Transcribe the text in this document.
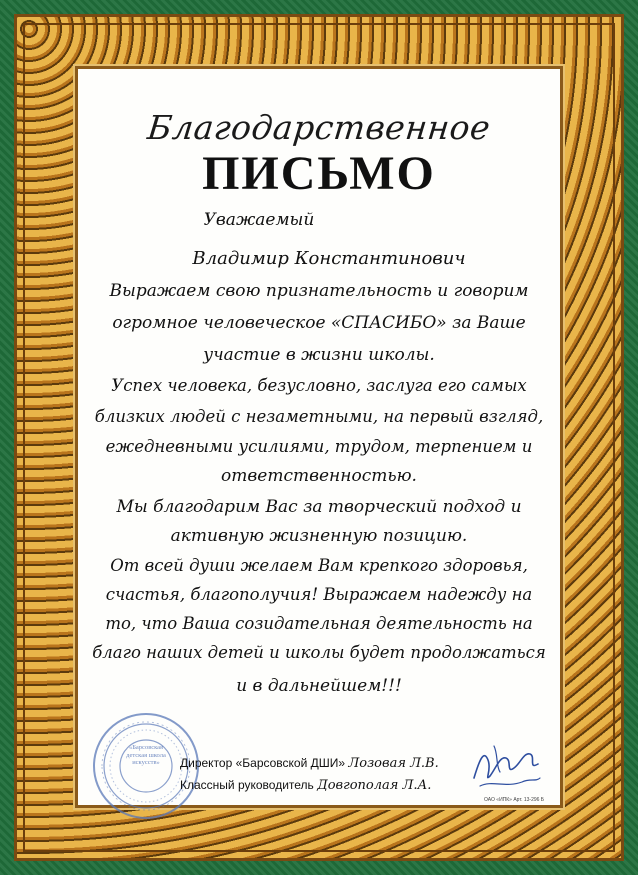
Благодарственное
ПИСЬМО
Уважаемый
Владимир Константинович
Выражаем свою признательность и говорим
огромное человеческое «СПАСИБО» за Ваше
участие в жизни школы.
Успех человека, безусловно, заслуга его самых
близких людей с незаметными, на первый взгляд,
ежедневными усилиями, трудом, терпением и
ответственностью.
Мы благодарим Вас за творческий подход и
активную жизненную позицию.
От всей души желаем Вам крепкого здоровья,
счастья, благополучия! Выражаем надежду на
то, что Ваша созидательная деятельность на
благо наших детей и школы будет продолжаться
и в дальнейшем!!!
«Барсовская детская школа искусств»	Директор «Барсовской ДШИ» Лозовая Л.В.
Классный руководитель Довгополая Л.А.
ОАО «ИПК» Арт. 13-296 Б
